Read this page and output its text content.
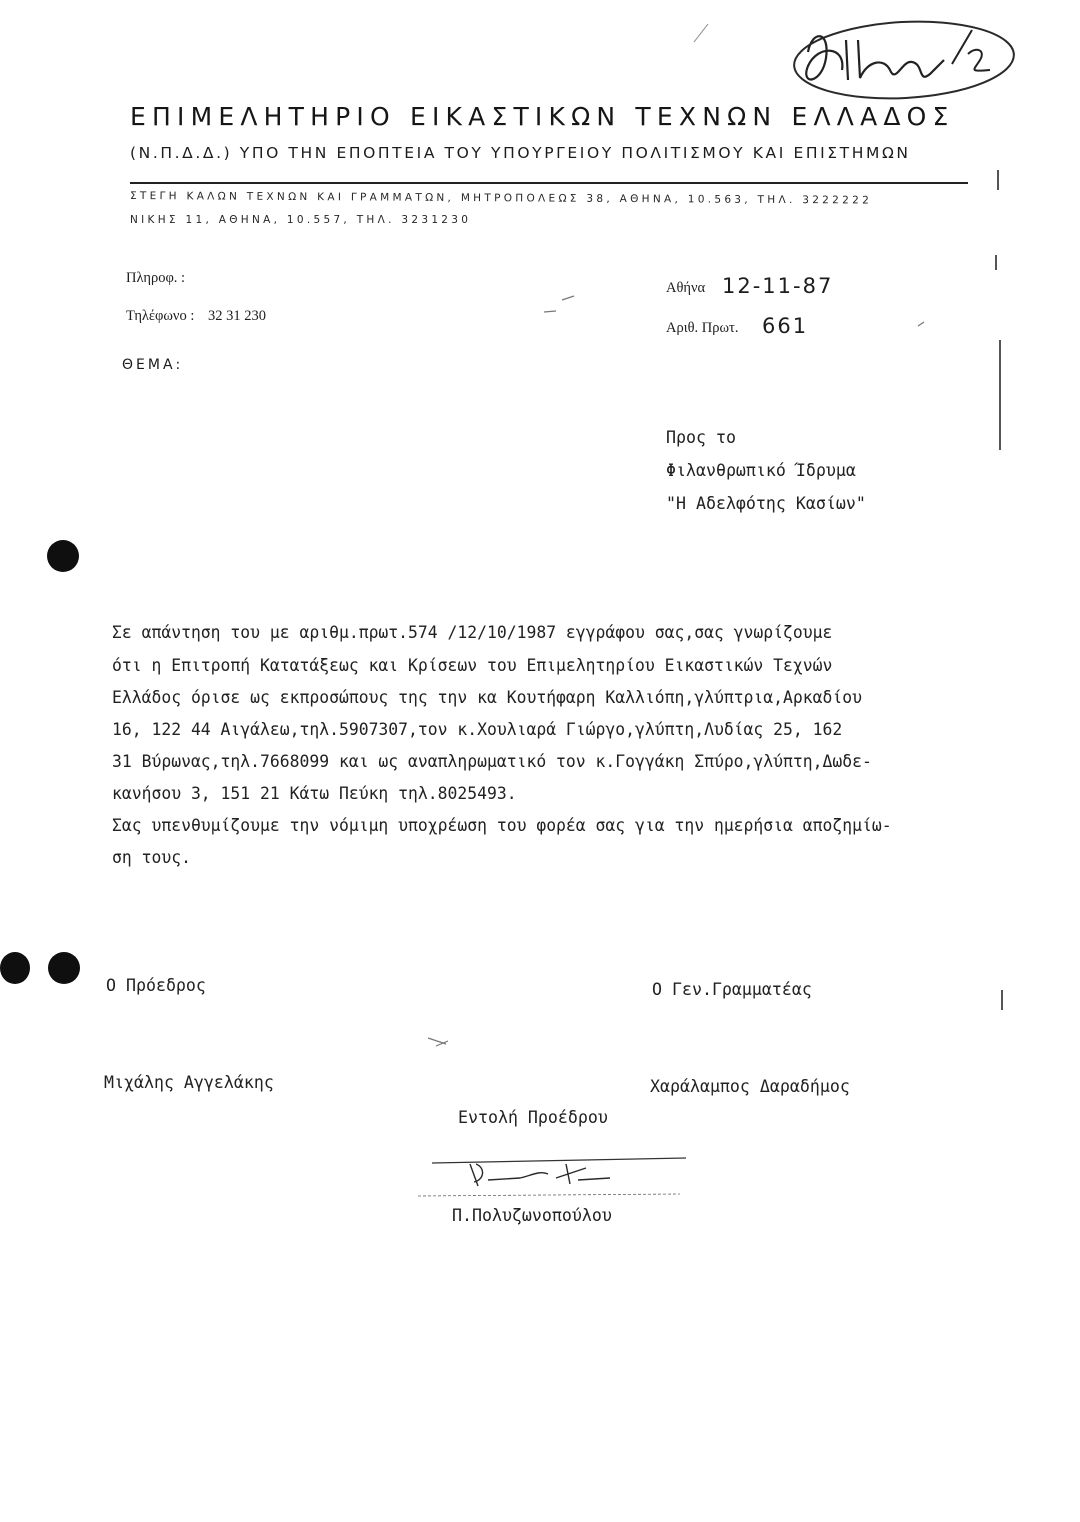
ΕΠΙΜΕΛΗΤΗΡΙΟ ΕΙΚΑΣΤΙΚΩΝ ΤΕΧΝΩΝ ΕΛΛΑΔΟΣ
(Ν.Π.Δ.Δ.) ΥΠΟ ΤΗΝ ΕΠΟΠΤΕΙΑ ΤΟΥ ΥΠΟΥΡΓΕΙΟΥ ΠΟΛΙΤΙΣΜΟΥ ΚΑΙ ΕΠΙΣΤΗΜΩΝ
ΣΤΕΓΗ ΚΑΛΩΝ ΤΕΧΝΩΝ ΚΑΙ ΓΡΑΜΜΑΤΩΝ, ΜΗΤΡΟΠΟΛΕΩΣ 38, ΑΘΗΝΑ, 10.563, ΤΗΛ. 3222222
ΝΙΚΗΣ 11, ΑΘΗΝΑ, 10.557, ΤΗΛ. 3231230
Πληροφ. :
Τηλέφωνο : 32 31 230
ΘΕΜΑ:
Αθήνα 12-11-87
Αριθ. Πρωτ. 661
Προς το
Φιλανθρωπικό Ίδρυμα
"Η Αδελφότης Κασίων"
Σε απάντηση του με αριθμ.πρωτ.574 /12/10/1987 εγγράφου σας,σας γνωρίζουμε
ότι η Επιτροπή Κατατάξεως και Κρίσεων του Επιμελητηρίου Εικαστικών Τεχνών
Ελλάδος όρισε ως εκπροσώπους της την κα Κουτήφαρη Καλλιόπη,γλύπτρια,Αρκαδίου
16, 122 44 Αιγάλεω,τηλ.5907307,τον κ.Χουλιαρά Γιώργο,γλύπτη,Λυδίας 25, 162
31 Βύρωνας,τηλ.7668099 και ως αναπληρωματικό τον κ.Γογγάκη Σπύρο,γλύπτη,Δωδε-
κανήσου 3, 151 21 Κάτω Πεύκη τηλ.8025493.
Σας υπενθυμίζουμε την νόμιμη υποχρέωση του φορέα σας για την ημερήσια αποζημίω-
ση τους.
Ο Πρόεδρος	Ο Γεν.Γραμματέας
Μιχάλης Αγγελάκης	Χαράλαμπος Δαραδήμος
Εντολή Προέδρου
Π.Πολυζωνοπούλου
